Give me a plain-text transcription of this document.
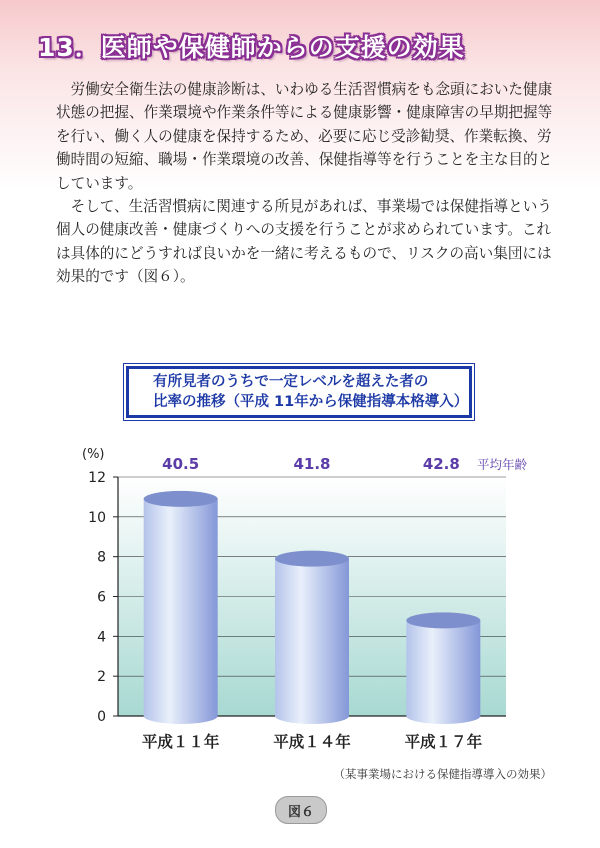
13．医師や保健師からの支援の効果

労働安全衛生法の健康診断は、いわゆる生活習慣病をも念頭においた健康状態の把握、作業環境や作業条件等による健康影響・健康障害の早期把握等を行い、働く人の健康を保持するため、必要に応じ受診勧奨、作業転換、労働時間の短縮、職場・作業環境の改善、保健指導等を行うことを主な目的としています。

そして、生活習慣病に関連する所見があれば、事業場では保健指導という個人の健康改善・健康づくりへの支援を行うことが求められています。これは具体的にどうすれば良いかを一緒に考えるもので、リスクの高い集団には効果的です（図６）。

有所見者のうちで一定レベルを超えた者の
比率の推移（平成 11年から保健指導本格導入）
0
2
4
6
8
10
12
(%)
平成１１年
40.5
平成１４年
41.8
平成１７年
42.8 平均年齢
（某事業場における保健指導導入の効果）
図６
